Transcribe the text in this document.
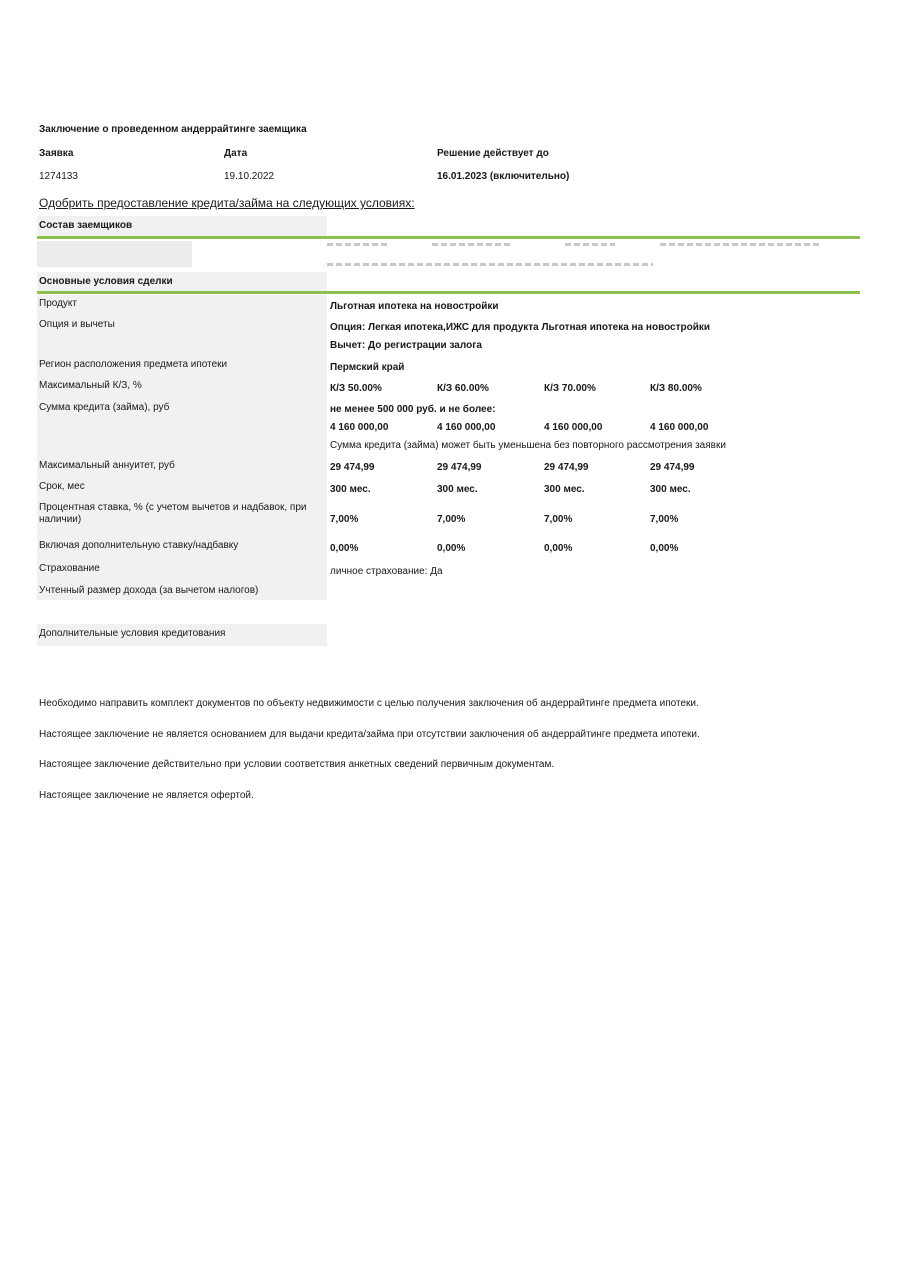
Заключение о проведенном андеррайтинге заемщика
Заявка	Дата	Решение действует до
1274133	19.10.2022	16.01.2023 (включительно)
Одобрить предоставление кредита/займа на следующих условиях:
Состав заемщиков
Основные условия сделки
Продукт	Льготная ипотека на новостройки
Опция и вычеты	Опция: Легкая ипотека,ИЖС для продукта Льготная ипотека на новостройки
Вычет: До регистрации залога
Регион расположения предмета ипотеки	Пермский край
Максимальный К/З, %	К/З 50.00%	К/З 60.00%	К/З 70.00%	К/З 80.00%
Сумма кредита (займа), руб	не менее 500 000 руб. и не более:
4 160 000,00	4 160 000,00	4 160 000,00	4 160 000,00
Сумма кредита (займа) может быть уменьшена без повторного рассмотрения заявки
Максимальный аннуитет, руб	29 474,99	29 474,99	29 474,99	29 474,99
Срок, мес	300 мес.	300 мес.	300 мес.	300 мес.
Процентная ставка, % (с учетом вычетов и надбавок, при
наличии)	7,00%	7,00%	7,00%	7,00%
Включая дополнительную ставку/надбавку	0,00%	0,00%	0,00%	0,00%
Страхование	личное страхование: Да
Учтенный размер дохода (за вычетом налогов)
Дополнительные условия кредитования
Необходимо направить комплект документов по объекту недвижимости с целью получения заключения об андеррайтинге предмета ипотеки.
Настоящее заключение не является основанием для выдачи кредита/займа при отсутствии заключения об андеррайтинге предмета ипотеки.
Настоящее заключение действительно при условии соответствия анкетных сведений первичным документам.
Настоящее заключение не является офертой.
